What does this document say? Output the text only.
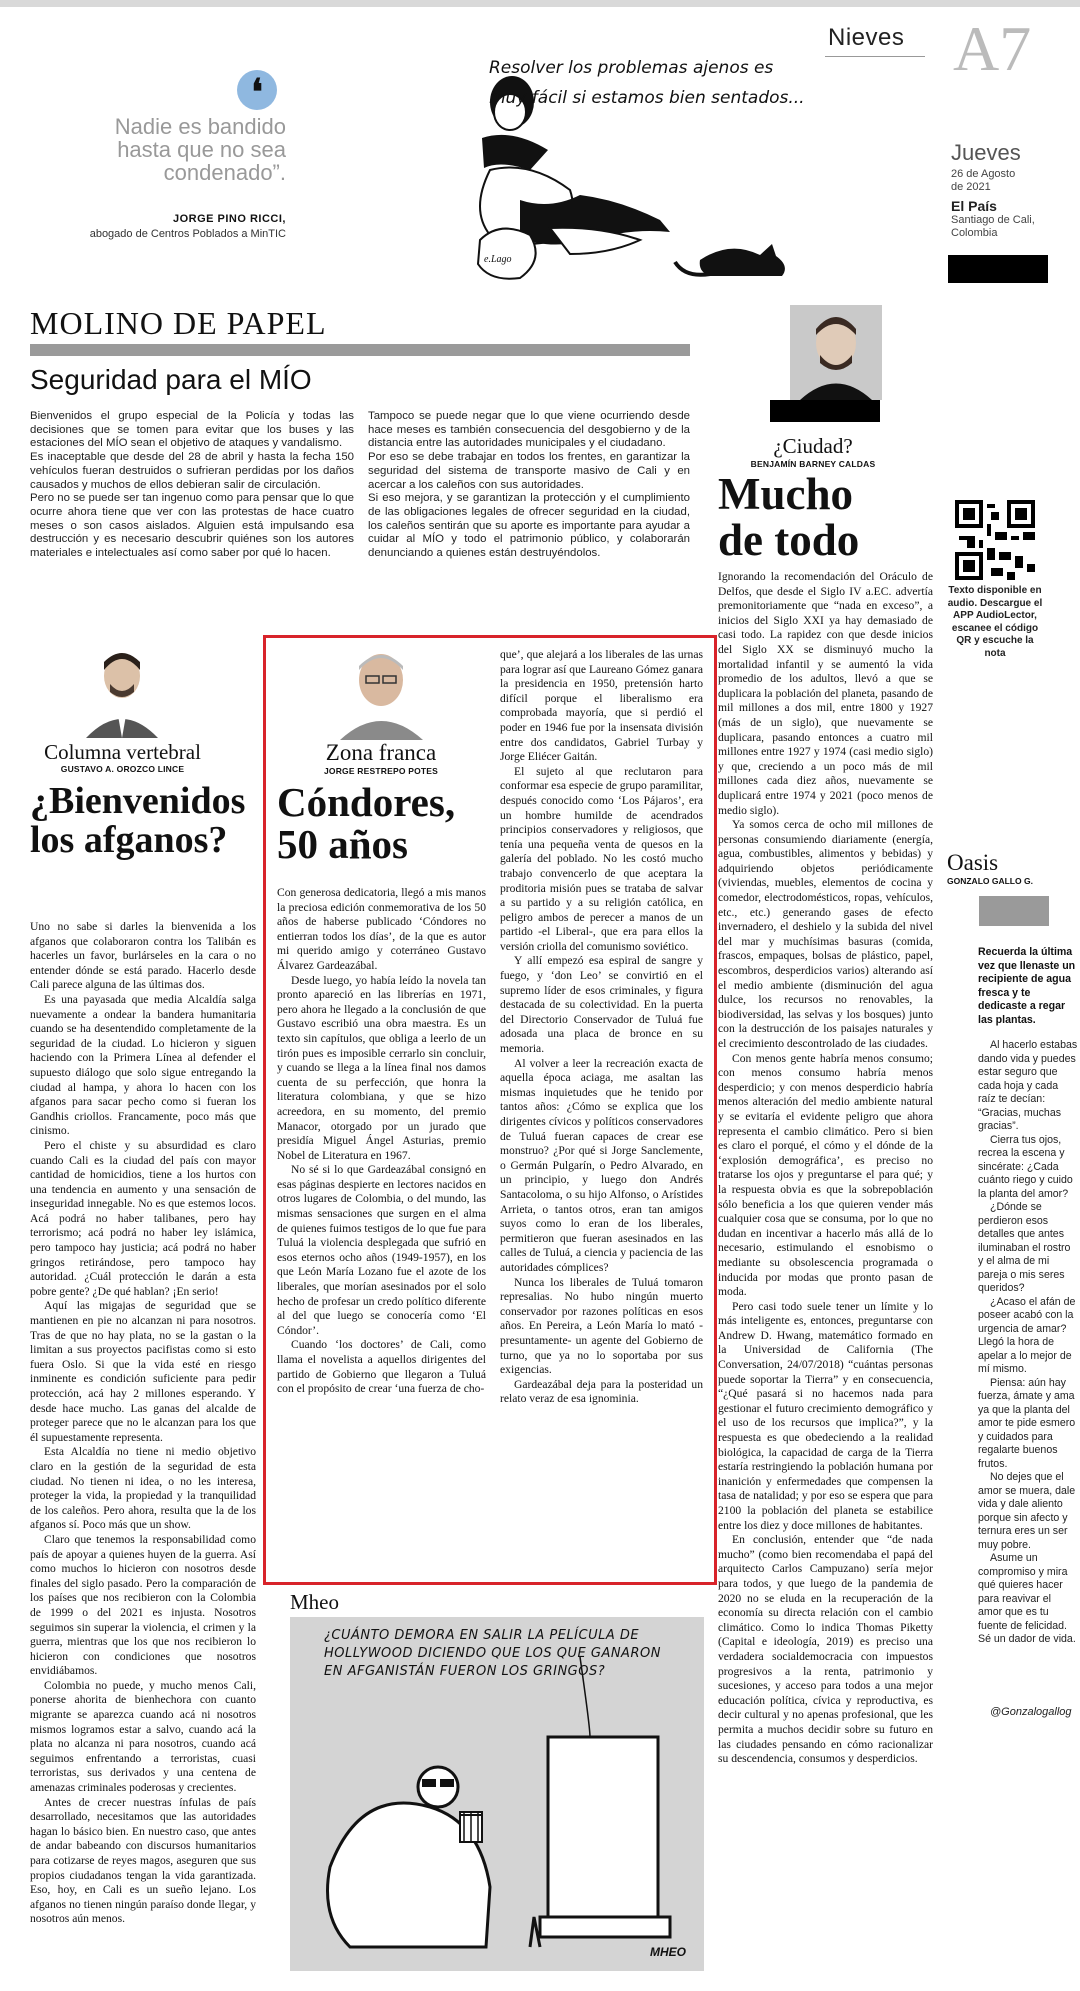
Nieves A7
Jueves
26 de Agosto
de 2021
El País
Santiago de Cali,
Colombia
❛
Nadie es bandido hasta que no sea condenado”.
JORGE PINO RICCI,
abogado de Centros Poblados a MinTIC
Resolver los problemas ajenos es muy fácil si estamos bien sentados...
e.Lago
MOLINO DE PAPEL
Seguridad para el MÍO

Bienvenidos el grupo especial de la Policía y todas las decisiones que se tomen para evitar que los buses y las estaciones del MÍO sean el objetivo de ataques y vandalismo.

Es inaceptable que desde del 28 de abril y hasta la fecha 150 vehículos fueran destruidos o sufrieran perdidas por los daños causados y muchos de ellos debieran salir de circulación.

Pero no se puede ser tan ingenuo como para pensar que lo que ocurre ahora tiene que ver con las protestas de hace cuatro meses o son casos aislados. Alguien está impulsando esa destrucción y es necesario descubrir quiénes son los autores materiales e intelectuales así como saber por qué lo hacen.

Tampoco se puede negar que lo que viene ocurriendo desde hace meses es también consecuencia del desgobierno y de la distancia entre las autoridades municipales y el ciudadano.

Por eso se debe trabajar en todos los frentes, en garantizar la seguridad del sistema de transporte masivo de Cali y en acercar a los caleños con sus autoridades.

Si eso mejora, y se garantizan la protección y el cumplimiento de las obligaciones legales de ofrecer seguridad en la ciudad, los caleños sentirán que su aporte es importante para ayudar a cuidar al MÍO y todo el patrimonio público, y colaborarán denunciando a quienes están destruyéndolos.

¿Ciudad?
BENJAMÍN BARNEY CALDAS
Mucho de todo

Ignorando la recomendación del Oráculo de Delfos, que desde el Siglo IV a.EC. advertía premonitoriamente que “nada en exceso”, a inicios del Siglo XXI ya hay demasiado de casi todo. La rapidez con que desde inicios del Siglo XX se disminuyó mucho la mortalidad infantil y se aumentó la vida promedio de los adultos, llevó a que se duplicara la población del planeta, pasando de mil millones a dos mil, entre 1800 y 1927 (más de un siglo), que nuevamente se duplicara, pasando entonces a cuatro mil millones entre 1927 y 1974 (casi medio siglo) y que, creciendo a un poco más de mil millones cada diez años, nuevamente se duplicará entre 1974 y 2021 (poco menos de medio siglo).

Ya somos cerca de ocho mil millones de personas consumiendo diariamente (energía, agua, combustibles, alimentos y bebidas) y adquiriendo objetos periódicamente (viviendas, muebles, elementos de cocina y comedor, electrodomésticos, ropas, vehículos, etc., etc.) generando gases de efecto invernadero, el deshielo y la subida del nivel del mar y muchísimas basuras (comida, frascos, empaques, bolsas de plástico, papel, escombros, desperdicios varios) alterando así el medio ambiente (disminución del agua dulce, los recursos no renovables, la biodiversidad, las selvas y los bosques) junto con la destrucción de los paisajes naturales y el crecimiento descontrolado de las ciudades.

Con menos gente habría menos consumo; con menos consumo habría menos desperdicio; y con menos desperdicio habría menos alteración del medio ambiente natural y se evitaría el evidente peligro que ahora representa el cambio climático. Pero si bien es claro el porqué, el cómo y el dónde de la ‘explosión demográfica’, es preciso no tratarse los ojos y preguntarse el para qué; y la respuesta obvia es que la sobrepoblación sólo beneficia a los que quieren vender más cualquier cosa que se consuma, por lo que no dudan en incentivar a hacerlo más allá de lo necesario, estimulando el esnobismo o mediante su obsolescencia programada o inducida por modas que pronto pasan de moda.

Pero casi todo suele tener un límite y lo más inteligente es, entonces, preguntarse con Andrew D. Hwang, matemático formado en la Universidad de California (The Conversation, 24/07/2018) “cuántas personas puede soportar la Tierra” y en consecuencia, “¿Qué pasará si no hacemos nada para gestionar el futuro crecimiento demográfico y el uso de los recursos que implica?”, y la respuesta es que obedeciendo a la realidad biológica, la capacidad de carga de la Tierra estaría restringiendo la población humana por inanición y enfermedades que compensen la tasa de natalidad; y por eso se espera que para 2100 la población del planeta se estabilice entre los diez y doce millones de habitantes.

En conclusión, entender que “de nada mucho” (como bien recomendaba el papá del arquitecto Carlos Campuzano) sería mejor para todos, y que luego de la pandemia de 2020 no se eluda en la recuperación de la economía su directa relación con el cambio climático. Como lo indica Thomas Piketty (Capital e ideología, 2019) es preciso una verdadera socialdemocracia con impuestos progresivos a la renta, patrimonio y sucesiones, y acceso para todos a una mejor educación política, cívica y reproductiva, es decir cultural y no apenas profesional, que les permita a muchos decidir sobre su futuro en las ciudades pensando en cómo racionalizar su descendencia, consumos y desperdicios.

Texto disponible en audio. Descargue el APP AudioLector, escanee el código QR y escuche la nota
Columna vertebral
GUSTAVO A. OROZCO LINCE
¿Bienvenidos los afganos?

Uno no sabe si darles la bienvenida a los afganos que colaboraron contra los Talibán es hacerles un favor, burlárseles en la cara o no entender dónde se está parado. Hacerlo desde Cali parece alguna de las últimas dos.

Es una payasada que media Alcaldía salga nuevamente a ondear la bandera humanitaria cuando se ha desentendido completamente de la seguridad de la ciudad. Lo hicieron y siguen haciendo con la Primera Línea al defender el supuesto diálogo que solo sigue entregando la ciudad al hampa, y ahora lo hacen con los afganos para sacar pecho como si fueran los Gandhis criollos. Francamente, poco más que cinismo.

Pero el chiste y su absurdidad es claro cuando Cali es la ciudad del país con mayor cantidad de homicidios, tiene a los hurtos con una tendencia en aumento y una sensación de inseguridad innegable. No es que estemos locos. Acá podrá no haber talibanes, pero hay terrorismo; acá podrá no haber ley islámica, pero tampoco hay justicia; acá podrá no haber gringos retirándose, pero tampoco hay autoridad. ¿Cuál protección le darán a esta pobre gente? ¿De qué hablan? ¡En serio!

Aquí las migajas de seguridad que se mantienen en pie no alcanzan ni para nosotros. Tras de que no hay plata, no se la gastan o la limitan a sus proyectos pacifistas como si esto fuera Oslo. Si que la vida esté en riesgo inminente es condición suficiente para pedir protección, acá hay 2 millones esperando. Y desde hace mucho. Las ganas del alcalde de proteger parece que no le alcanzan para los que él supuestamente representa.

Esta Alcaldía no tiene ni medio objetivo claro en la gestión de la seguridad de esta ciudad. No tienen ni idea, o no les interesa, proteger la vida, la propiedad y la tranquilidad de los caleños. Pero ahora, resulta que la de los afganos sí. Poco más que un show.

Claro que tenemos la responsabilidad como país de apoyar a quienes huyen de la guerra. Así como muchos lo hicieron con nosotros desde finales del siglo pasado. Pero la comparación de los países que nos recibieron con la Colombia de 1999 o del 2021 es injusta. Nosotros seguimos sin superar la violencia, el crimen y la guerra, mientras que los que nos recibieron lo hicieron con condiciones que nosotros envidiábamos.

Colombia no puede, y mucho menos Cali, ponerse ahorita de bienhechora con cuanto migrante se aparezca cuando acá ni nosotros mismos logramos estar a salvo, cuando acá la plata no alcanza ni para nosotros, cuando acá seguimos enfrentando a terroristas, cuasi terroristas, sus derivados y una centena de amenazas criminales poderosas y crecientes.

Antes de crecer nuestras ínfulas de país desarrollado, necesitamos que las autoridades hagan lo básico bien. En nuestro caso, que antes de andar babeando con discursos humanitarios para cotizarse de reyes magos, aseguren que sus propios ciudadanos tengan la vida garantizada. Eso, hoy, en Cali es un sueño lejano. Los afganos no tienen ningún paraíso donde llegar, y nosotros aún menos.

Zona franca
JORGE RESTREPO POTES
Cóndores, 50 años

Con generosa dedicatoria, llegó a mis manos la preciosa edición conmemorativa de los 50 años de haberse publicado ‘Cóndores no entierran todos los días’, de la que es autor mi querido amigo y coterráneo Gustavo Álvarez Gardeazábal.

Desde luego, yo había leído la novela tan pronto apareció en las librerías en 1971, pero ahora he llegado a la conclusión de que Gustavo escribió una obra maestra. Es un texto sin capítulos, que obliga a leerlo de un tirón pues es imposible cerrarlo sin concluir, y cuando se llega a la línea final nos damos cuenta de su perfección, que honra la literatura colombiana, y que se hizo acreedora, en su momento, del premio Manacor, otorgado por un jurado que presidía Miguel Ángel Asturias, premio Nobel de Literatura en 1967.

No sé si lo que Gardeazábal consignó en esas páginas despierte en lectores nacidos en otros lugares de Colombia, o del mundo, las mismas sensaciones que surgen en el alma de quienes fuimos testigos de lo que fue para Tuluá la violencia desplegada que sufrió en esos eternos ocho años (1949-1957), en los que León María Lozano fue el azote de los liberales, que morían asesinados por el solo hecho de profesar un credo político diferente al del que luego se conocería como ‘El Cóndor’.

Cuando ‘los doctores’ de Cali, como llama el novelista a aquellos dirigentes del partido de Gobierno que llegaron a Tuluá con el propósito de crear ‘una fuerza de cho-

que’, que alejará a los liberales de las urnas para lograr así que Laureano Gómez ganara la presidencia en 1950, pretensión harto difícil porque el liberalismo era comprobada mayoría, que si perdió el poder en 1946 fue por la insensata división entre dos candidatos, Gabriel Turbay y Jorge Eliécer Gaitán.

El sujeto al que reclutaron para conformar esa especie de grupo paramilitar, después conocido como ‘Los Pájaros’, era un hombre humilde de acendrados principios conservadores y religiosos, que tenía una pequeña venta de quesos en la galería del poblado. No les costó mucho trabajo convencerlo de que aceptara la proditoria misión pues se trataba de salvar a su partido y a su religión católica, en peligro ambos de perecer a manos de un partido -el Liberal-, que era para ellos la versión criolla del comunismo soviético.

Y allí empezó esa espiral de sangre y fuego, y ‘don Leo’ se convirtió en el supremo líder de esos criminales, y figura destacada de su colectividad. En la puerta del Directorio Conservador de Tuluá fue adosada una placa de bronce en su memoria.

Al volver a leer la recreación exacta de aquella época aciaga, me asaltan las mismas inquietudes que he tenido por tantos años: ¿Cómo se explica que los dirigentes cívicos y políticos conservadores de Tuluá fueran capaces de crear ese monstruo? ¿Por qué si Jorge Sanclemente, o Germán Pulgarín, o Pedro Alvarado, en un principio, y luego don Andrés Santacoloma, o su hijo Alfonso, o Arístides Arrieta, o tantos otros, eran tan amigos suyos como lo eran de los liberales, permitieron que fueran asesinados en las calles de Tuluá, a ciencia y paciencia de las autoridades cómplices?

Nunca los liberales de Tuluá tomaron represalias. No hubo ningún muerto conservador por razones políticas en esos años. En Pereira, a León María lo mató -presuntamente- un agente del Gobierno de turno, que ya no lo soportaba por sus exigencias.

Gardeazábal deja para la posteridad un relato veraz de esa ignominia.

Mheo
¿CUÁNTO DEMORA EN SALIR LA PELÍCULA DE HOLLYWOOD DICIENDO QUE LOS QUE GANARON EN AFGANISTÁN FUERON LOS GRINGOS?
MHEO
Oasis
GONZALO GALLO G.
Recuerda la última vez que llenaste un recipiente de agua fresca y te dedicaste a regar las plantas.

Al hacerlo estabas dando vida y puedes estar seguro que cada hoja y cada raíz te decían: “Gracias, muchas gracias”.

Cierra tus ojos, recrea la escena y sincérate: ¿Cada cuánto riego y cuido la planta del amor?

¿Dónde se perdieron esos detalles que antes iluminaban el rostro y el alma de mi pareja o mis seres queridos?

¿Acaso el afán de poseer acabó con la urgencia de amar? Llegó la hora de apelar a lo mejor de mí mismo.

Piensa: aún hay fuerza, ámate y ama ya que la planta del amor te pide esmero y cuidados para regalarte buenos frutos.

No dejes que el amor se muera, dale vida y dale aliento porque sin afecto y ternura eres un ser muy pobre.

Asume un compromiso y mira qué quieres hacer para reavivar el amor que es tu fuente de felicidad. Sé un dador de vida.

@Gonzalogallog
